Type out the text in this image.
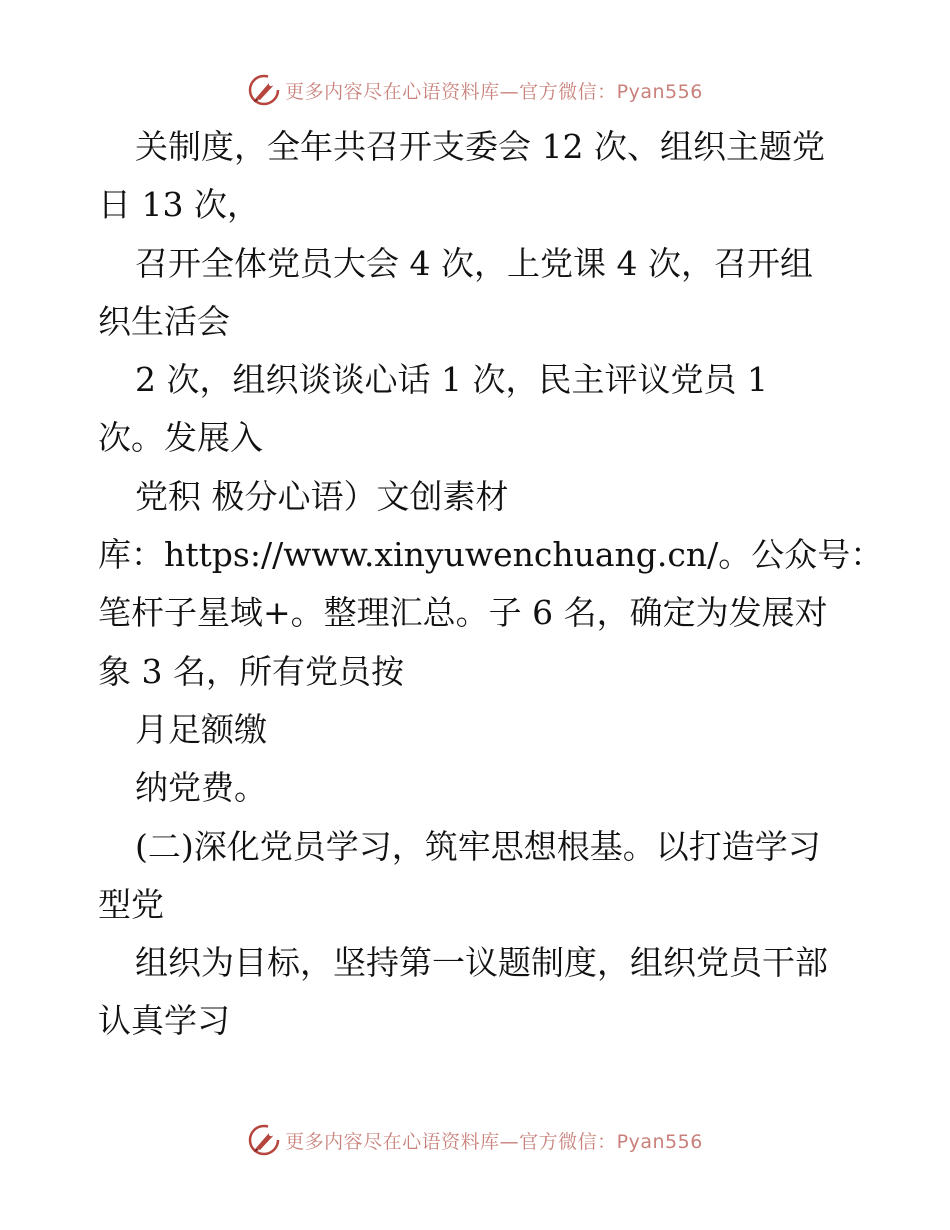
更多内容尽在心语资料库—官方微信：Pyan556
关制度，全年共召开支委会 12 次、组织主题党
日 13 次，
召开全体党员大会 4 次，上党课 4 次，召开组
织生活会
2 次，组织谈谈心话 1 次，民主评议党员 1
次。发展入
党积 极分心语）文创素材
库：https://www.xinyuwenchuang.cn/。公众号：
笔杆子星域+。整理汇总。子 6 名，确定为发展对
象 3 名，所有党员按
月足额缴
纳党费。
(二)深化党员学习，筑牢思想根基。以打造学习
型党
组织为目标，坚持第一议题制度，组织党员干部
认真学习
更多内容尽在心语资料库—官方微信：Pyan556
